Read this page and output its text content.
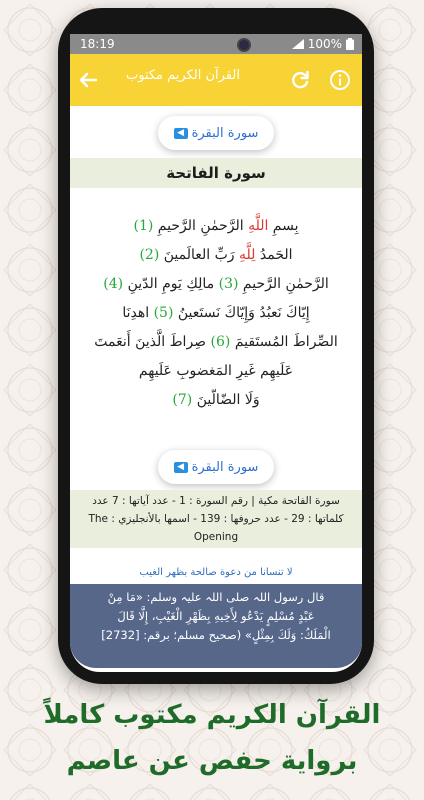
18:19	100%
القرآن الكريم مكتوب
سورة البقرة
◀
سورة الفاتحة

بِسمِ اللَّهِ الرَّحمٰنِ الرَّحيمِ (1)

الحَمدُ لِلَّهِ رَبِّ العالَمينَ (2)

الرَّحمٰنِ الرَّحيمِ (3) مالِكِ يَومِ الدّينِ (4)

إِيّاكَ نَعبُدُ وَإِيّاكَ نَستَعينُ (5) اهدِنَا

الصِّراطَ المُستَقيمَ (6) صِراطَ الَّذينَ أَنعَمتَ

عَلَيهِم غَيرِ المَغضوبِ عَلَيهِم

وَلَا الضّالّينَ (7)

سورة البقرة
◀
سورة الفاتحة مكية | رقم السورة : 1 - عدد آياتها : 7 عدد
كلماتها : 29 - عدد حروفها : 139 - اسمها بالأنجليزي : The
Opening
لا تنسانا من دعوة صالحة بظهر الغيب
قال رسول اللہ صلی اللہ علیہ وسلم: «مَا مِنْ
عَبْدٍ مُسْلِمٍ يَدْعُو لِأَخِيهِ بِظَهْرِ الْغَيْبِ، إِلَّا قَالَ
الْمَلَكُ: وَلَكَ بِمِثْلٍ» (صحيح مسلم؛ برقم: [2732]
القرآن الكريم مكتوب كاملاً
برواية حفص عن عاصم
